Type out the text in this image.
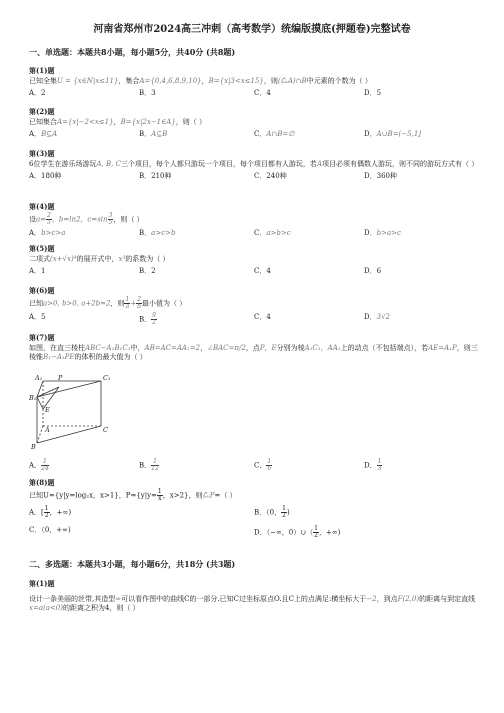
河南省郑州市2024高三冲刺（高考数学）统编版摸底(押题卷)完整试卷
一、单选题：本题共8小题，每小题5分，共40分 (共8题)
第(1)题
已知全集U = {x∈N|x≤11}，集合A={0,4,6,8,9,10}，B={x|3<x≤15}，则(∁ᵤA)∩B中元素的个数为（ ）
A．2	B．3	C．4	D．5
第(2)题
已知集合A={x|−2<x≤1}，B={x|2x−1∈A}，则（ ）
A．B⊆A	B．A⊆B	C．A∩B=∅	D．A∪B=(−5,1]
第(3)题
6位学生在游乐场游玩A, B, C三个项目，每个人都只游玩一个项目，每个项目都有人游玩，若A项目必须有偶数人游玩，则不同的游玩方式有（ ）
A．180种	B．210种	C．240种	D．360种
第(4)题
设$a= \frac{2}{5}$ ，b=ln2，$c=\sin \frac{3}{5}$ ，则（ ）
A．b>c>a	B．a>c>b	C．a>b>c	D．b>a>c
第(5)题
二项式(x+√x)⁴的展开式中，x³的系数为（ ）
A．1	B．2	C．4	D．6
第(6)题
已知a>0, b>0, a+2b=2，则 $\frac{1}{a} + \frac{2}{b}$ 最小值为（ ）
A．5	B． $\frac{9}{2}$	C．4	D．3√2
第(7)题
如图，在直三棱柱ABC−A₁B₁C₁中，AB=AC=AA₁=2，∠BAC=π/2，点P，E分别为棱A₁C₁，AA₁上的动点（不包括端点），若AE=A₁P，则三棱锥B₁−A₁PE的体积的最大值为（ ）
A₁ P	C₁
B₁
E
A	C
B
A． $\frac{1}{24}$	B． $\frac{1}{12}$	C． $\frac{1}{6}$	D． $\frac{1}{3}$
第(8)题
已知U={y|y=log₂x，x>1}，$P=\{y|y= \frac{1}{x}$ ，x>2}，则∁ᵤP=（ ）
A．[ $\frac{1}{2}$ ，+∞)	B．（0， $\frac{1}{2}$ )
C．（0，+∞)	D．（−∞，0）∪（ $\frac{1}{2}$ ，+∞)
二、多选题：本题共3小题，每小题6分，共18分 (共3题)
第(1)题
设计一条美丽的丝带,其造型∞可以看作图中的曲线C的一部分.已知C过坐标原点O.且C上的点满足:横坐标大于−2，到点F(2,0)的距离与到定直线x=a(a<0)的距离之积为4，则（ ）
